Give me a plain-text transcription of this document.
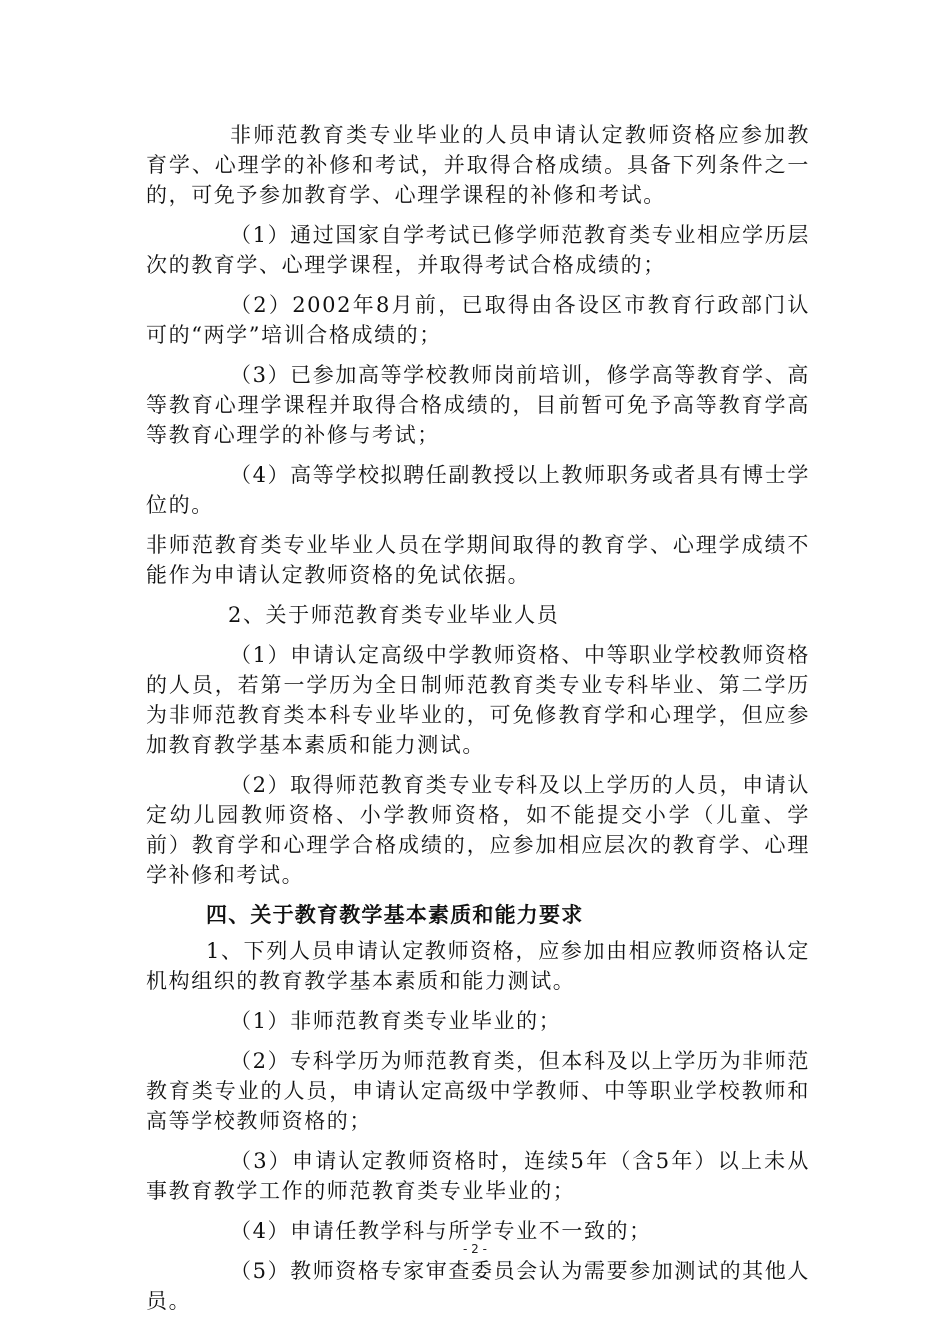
非师范教育类专业毕业的人员申请认定教师资格应参加教育学、心理学的补修和考试，并取得合格成绩。具备下列条件之一的，可免予参加教育学、心理学课程的补修和考试。

（1）通过国家自学考试已修学师范教育类专业相应学历层次的教育学、心理学课程，并取得考试合格成绩的；

（2）2002年8月前，已取得由各设区市教育行政部门认可的“两学”培训合格成绩的；

（3）已参加高等学校教师岗前培训，修学高等教育学、高等教育心理学课程并取得合格成绩的，目前暂可免予高等教育学高等教育心理学的补修与考试；

（4）高等学校拟聘任副教授以上教师职务或者具有博士学位的。

非师范教育类专业毕业人员在学期间取得的教育学、心理学成绩不能作为申请认定教师资格的免试依据。

2、关于师范教育类专业毕业人员

（1）申请认定高级中学教师资格、中等职业学校教师资格的人员，若第一学历为全日制师范教育类专业专科毕业、第二学历为非师范教育类本科专业毕业的，可免修教育学和心理学，但应参加教育教学基本素质和能力测试。

（2）取得师范教育类专业专科及以上学历的人员，申请认定幼儿园教师资格、小学教师资格，如不能提交小学（儿童、学前）教育学和心理学合格成绩的，应参加相应层次的教育学、心理学补修和考试。

四、关于教育教学基本素质和能力要求

1、下列人员申请认定教师资格，应参加由相应教师资格认定机构组织的教育教学基本素质和能力测试。

（1）非师范教育类专业毕业的；

（2）专科学历为师范教育类，但本科及以上学历为非师范教育类专业的人员，申请认定高级中学教师、中等职业学校教师和高等学校教师资格的；

（3）申请认定教师资格时，连续5年（含5年）以上未从事教育教学工作的师范教育类专业毕业的；

（4）申请任教学科与所学专业不一致的；

（5）教师资格专家审查委员会认为需要参加测试的其他人员。

- 2 -
